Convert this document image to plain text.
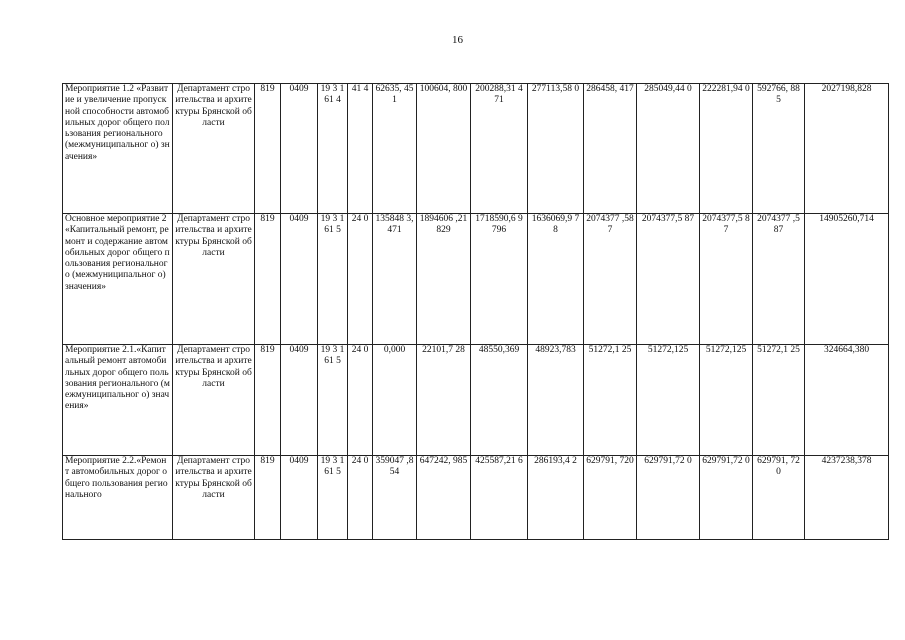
16
Мероприятие 1.2 «Развитие и увеличение пропускной способности автомобильных дорог общего пользования регионального (межмуниципальног о) значения»	Департамент строительства и архитектуры Брянской области	819	0409	19 3 161 4	41 4	62635, 451	100604, 800	200288,31 471	277113,58 0	286458, 417	285049,44 0	222281,94 0	592766, 885	2027198,828
Основное мероприятие 2 «Капитальный ремонт, ремонт и содержание автомобильных дорог общего пользования регионального (межмуниципальног о) значения»	Департамент строительства и архитектуры Брянской области	819	0409	19 3 161 5	24 0	135848 3,471	1894606 ,21829	1718590,6 9796	1636069,9 78	2074377 ,587	2074377,5 87	2074377,5 87	2074377 ,587	14905260,714
Мероприятие 2.1.«Капитальный ремонт автомобильных дорог общего пользования регионального (межмуниципальног о) значения»	Департамент строительства и архитектуры Брянской области	819	0409	19 3 161 5	24 0	0,000	22101,7 28	48550,369	48923,783	51272,1 25	51272,125	51272,125	51272,1 25	324664,380
Мероприятие 2.2.«Ремонт автомобильных дорог общего пользования регионального	Департамент строительства и архитектуры Брянской области	819	0409	19 3 161 5	24 0	359047 ,854	647242, 985	425587,21 6	286193,4 2	629791, 720	629791,72 0	629791,72 0	629791, 720	4237238,378
